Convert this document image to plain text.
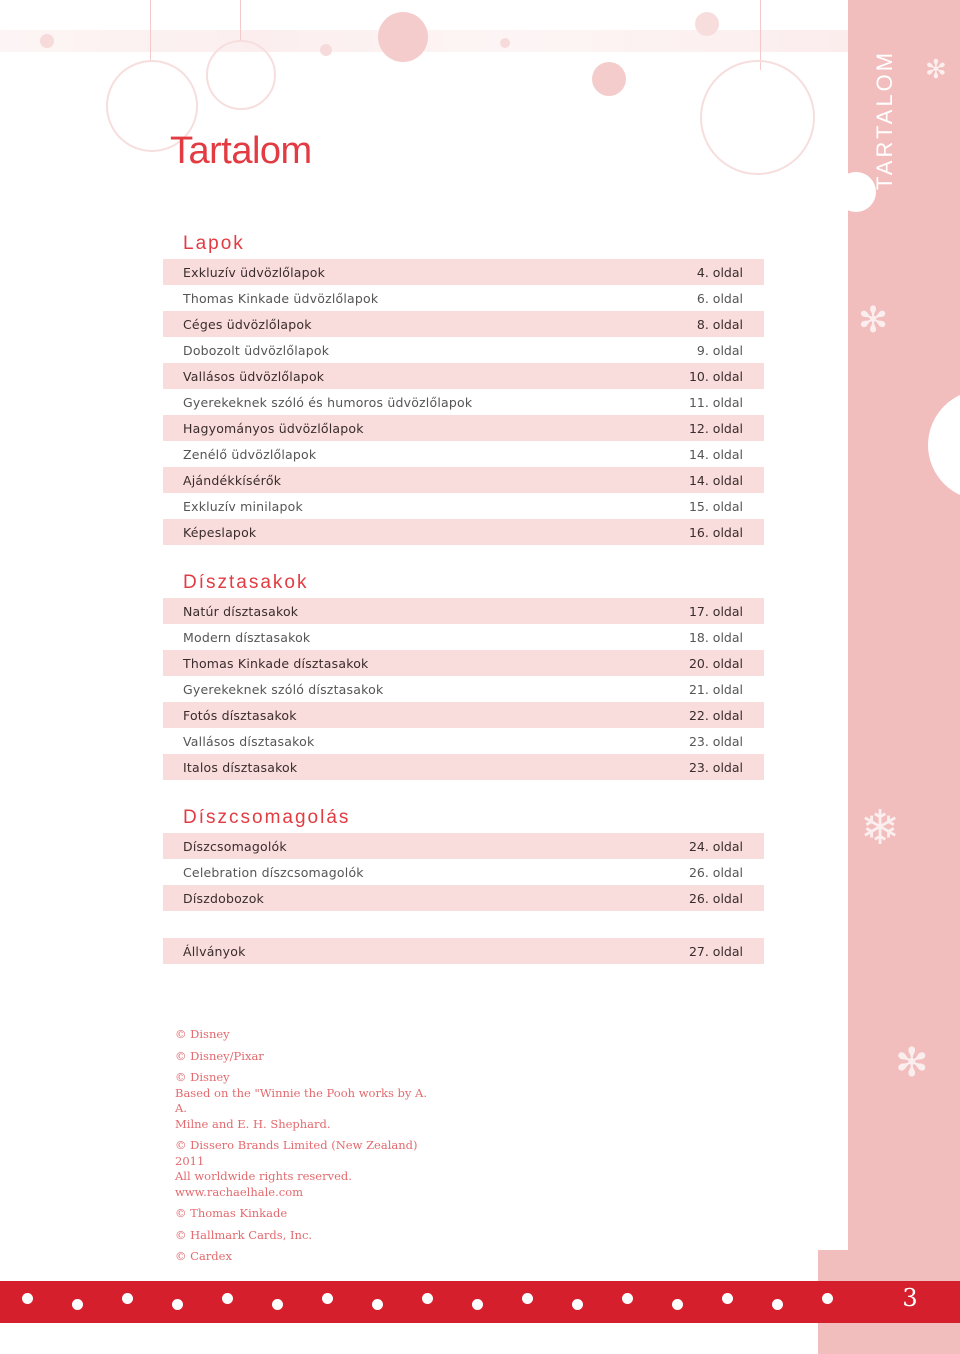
TARTALOM
✻
❄
✻
✻
Tartalom
Lapok
Exkluzív üdvözlőlapok	4. oldal
Thomas Kinkade üdvözlőlapok	6. oldal
Céges üdvözlőlapok	8. oldal
Dobozolt üdvözlőlapok	9. oldal
Vallásos üdvözlőlapok	10. oldal
Gyerekeknek szóló és humoros üdvözlőlapok	11. oldal
Hagyományos üdvözlőlapok	12. oldal
Zenélő üdvözlőlapok	14. oldal
Ajándékkísérők	14. oldal
Exkluzív minilapok	15. oldal
Képeslapok	16. oldal
Dísztasakok
Natúr dísztasakok	17. oldal
Modern dísztasakok	18. oldal
Thomas Kinkade dísztasakok	20. oldal
Gyerekeknek szóló dísztasakok	21. oldal
Fotós dísztasakok	22. oldal
Vallásos dísztasakok	23. oldal
Italos dísztasakok	23. oldal
Díszcsomagolás
Díszcsomagolók	24. oldal
Celebration díszcsomagolók	26. oldal
Díszdobozok	26. oldal
Állványok	27. oldal
© Disney
© Disney/Pixar
© Disney
Based on the "Winnie the Pooh works by A. A.
Milne and E. H. Shephard.
© Dissero Brands Limited (New Zealand) 2011
All worldwide rights reserved.
www.rachaelhale.com
© Thomas Kinkade
© Hallmark Cards, Inc.
© Cardex
3
